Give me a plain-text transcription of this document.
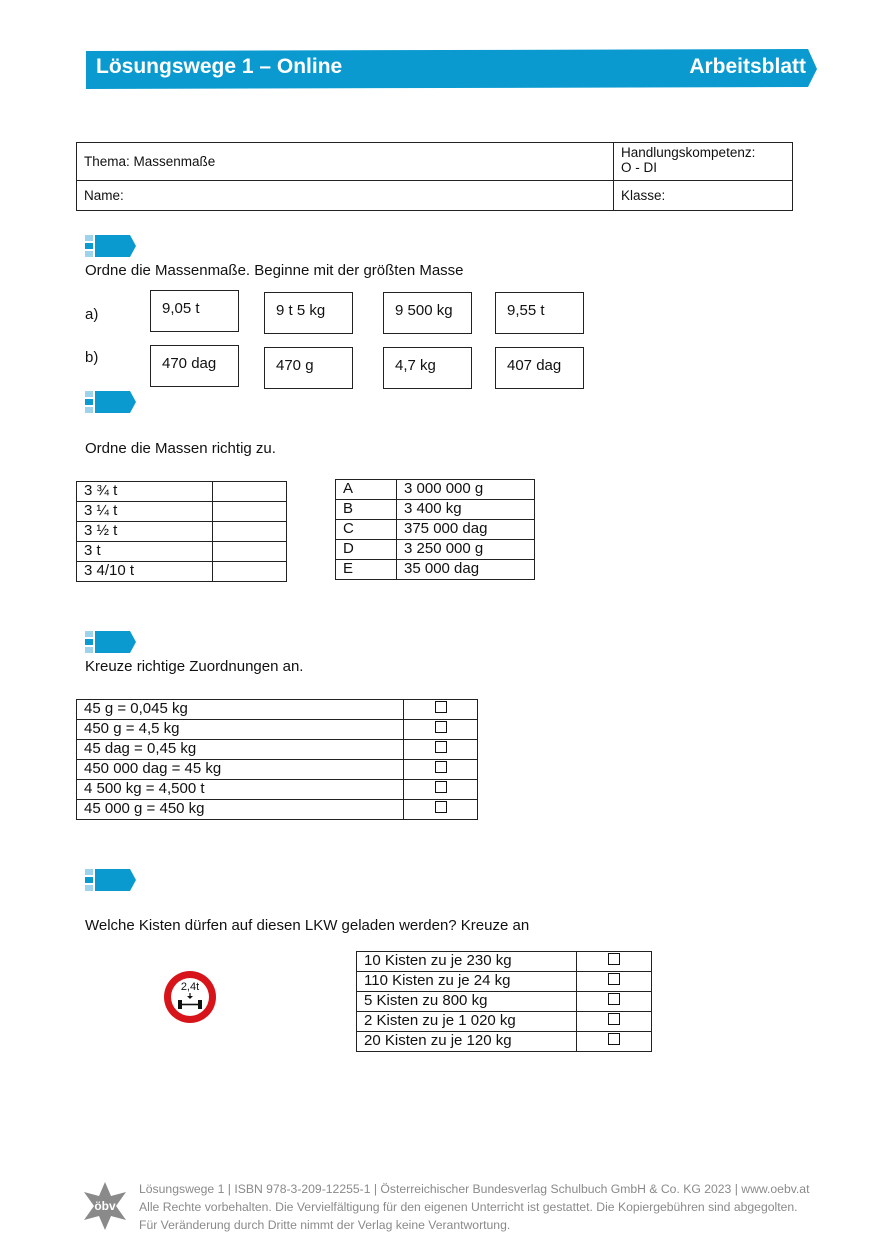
Lösungswege 1 – Online	Arbeitsblatt
Thema: Massenmaße	Handlungskompetenz:
O - DI

Name:	Klasse:
Ordne die Massenmaße. Beginne mit der größten Masse
a)
b)
9,05 t	9 t 5 kg	9 500 kg	9,55 t
470 dag	470 g	4,7 kg	407 dag
Ordne die Massen richtig zu.
3 ¾ t	
3 ¼ t	
3 ½ t	
3 t	
3 4/10 t	
A	3 000 000 g
B	3 400 kg
C	375 000 dag
D	3 250 000 g
E	35 000 dag
Kreuze richtige Zuordnungen an.
45 g = 0,045 kg	
450 g = 4,5 kg	
45 dag = 0,45 kg	
450 000 dag = 45 kg	
4 500 kg = 4,500 t	
45 000 g = 450 kg	
Welche Kisten dürfen auf diesen LKW geladen werden? Kreuze an
2,4t
10 Kisten zu je 230 kg	
110 Kisten zu je 24 kg	
5 Kisten zu 800 kg	
2 Kisten zu je 1 020 kg	
20 Kisten zu je 120 kg	
öbv
Lösungswege 1 | ISBN 978-3-209-12255-1 | Österreichischer Bundesverlag Schulbuch GmbH & Co. KG 2023 | www.oebv.at
Alle Rechte vorbehalten. Die Vervielfältigung für den eigenen Unterricht ist gestattet. Die Kopiergebühren sind abgegolten.
Für Veränderung durch Dritte nimmt der Verlag keine Verantwortung.
